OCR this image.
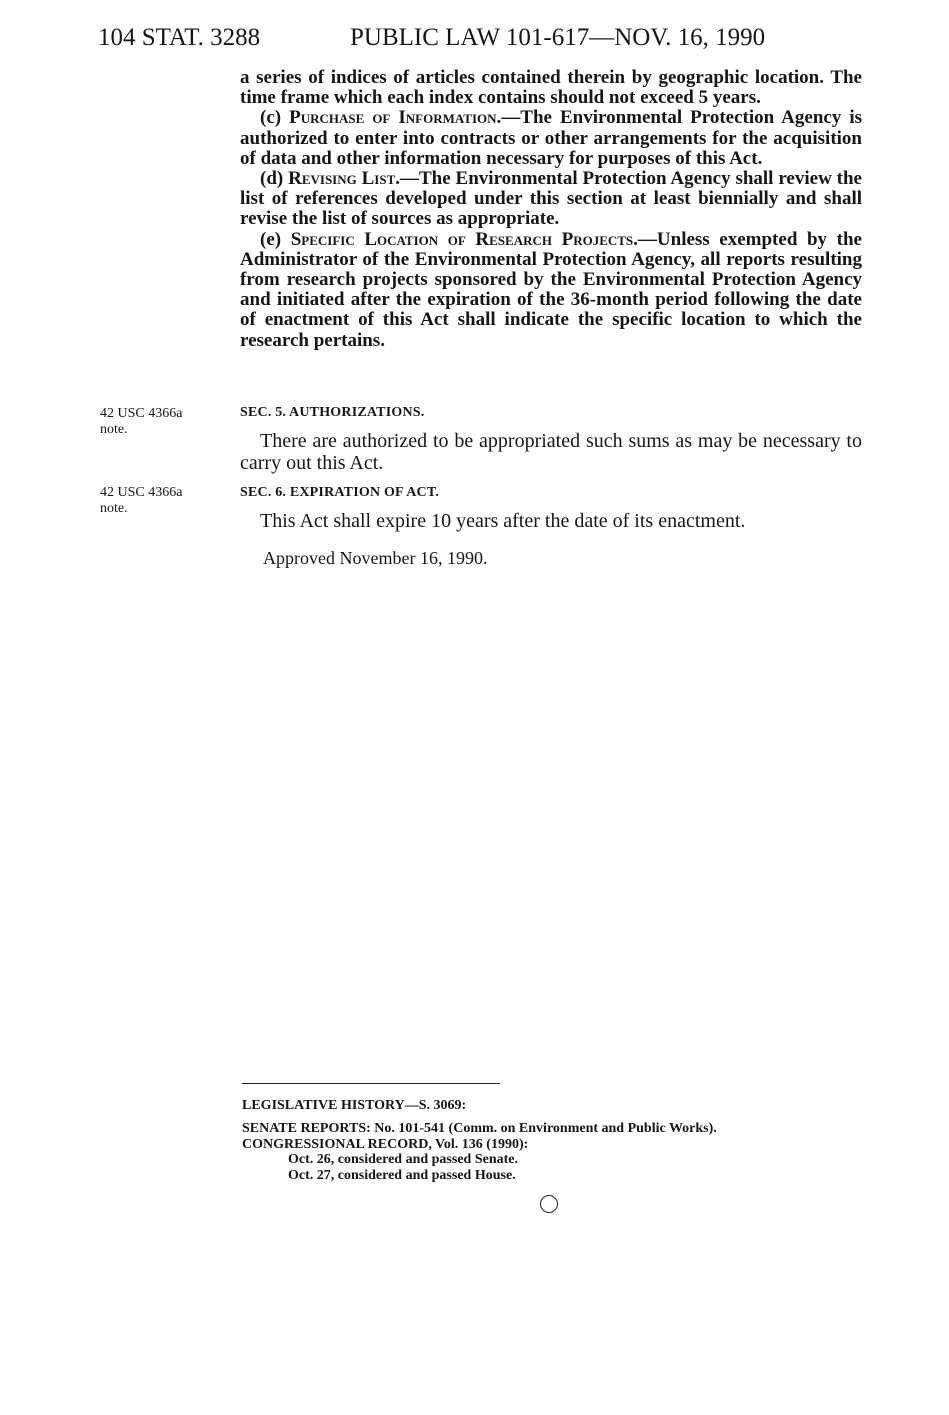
104 STAT. 3288	PUBLIC LAW 101-617—NOV. 16, 1990

a series of indices of articles contained therein by geographic location. The time frame which each index contains should not exceed 5 years.

(c) Purchase of Information.—The Environmental Protection Agency is authorized to enter into contracts or other arrangements for the acquisition of data and other information necessary for purposes of this Act.

(d) Revising List.—The Environmental Protection Agency shall review the list of references developed under this section at least biennially and shall revise the list of sources as appropriate.

(e) Specific Location of Research Projects.—Unless exempted by the Administrator of the Environmental Protection Agency, all reports resulting from research projects sponsored by the Environmental Protection Agency and initiated after the expiration of the 36-month period following the date of enactment of this Act shall indicate the specific location to which the research pertains.

42 USC 4366a
note.
SEC. 5. AUTHORIZATIONS.

There are authorized to be appropriated such sums as may be necessary to carry out this Act.

42 USC 4366a
note.
SEC. 6. EXPIRATION OF ACT.

This Act shall expire 10 years after the date of its enactment.

Approved November 16, 1990.
LEGISLATIVE HISTORY—S. 3069:
SENATE REPORTS: No. 101-541 (Comm. on Environment and Public Works).
CONGRESSIONAL RECORD, Vol. 136 (1990):
Oct. 26, considered and passed Senate.
Oct. 27, considered and passed House.
